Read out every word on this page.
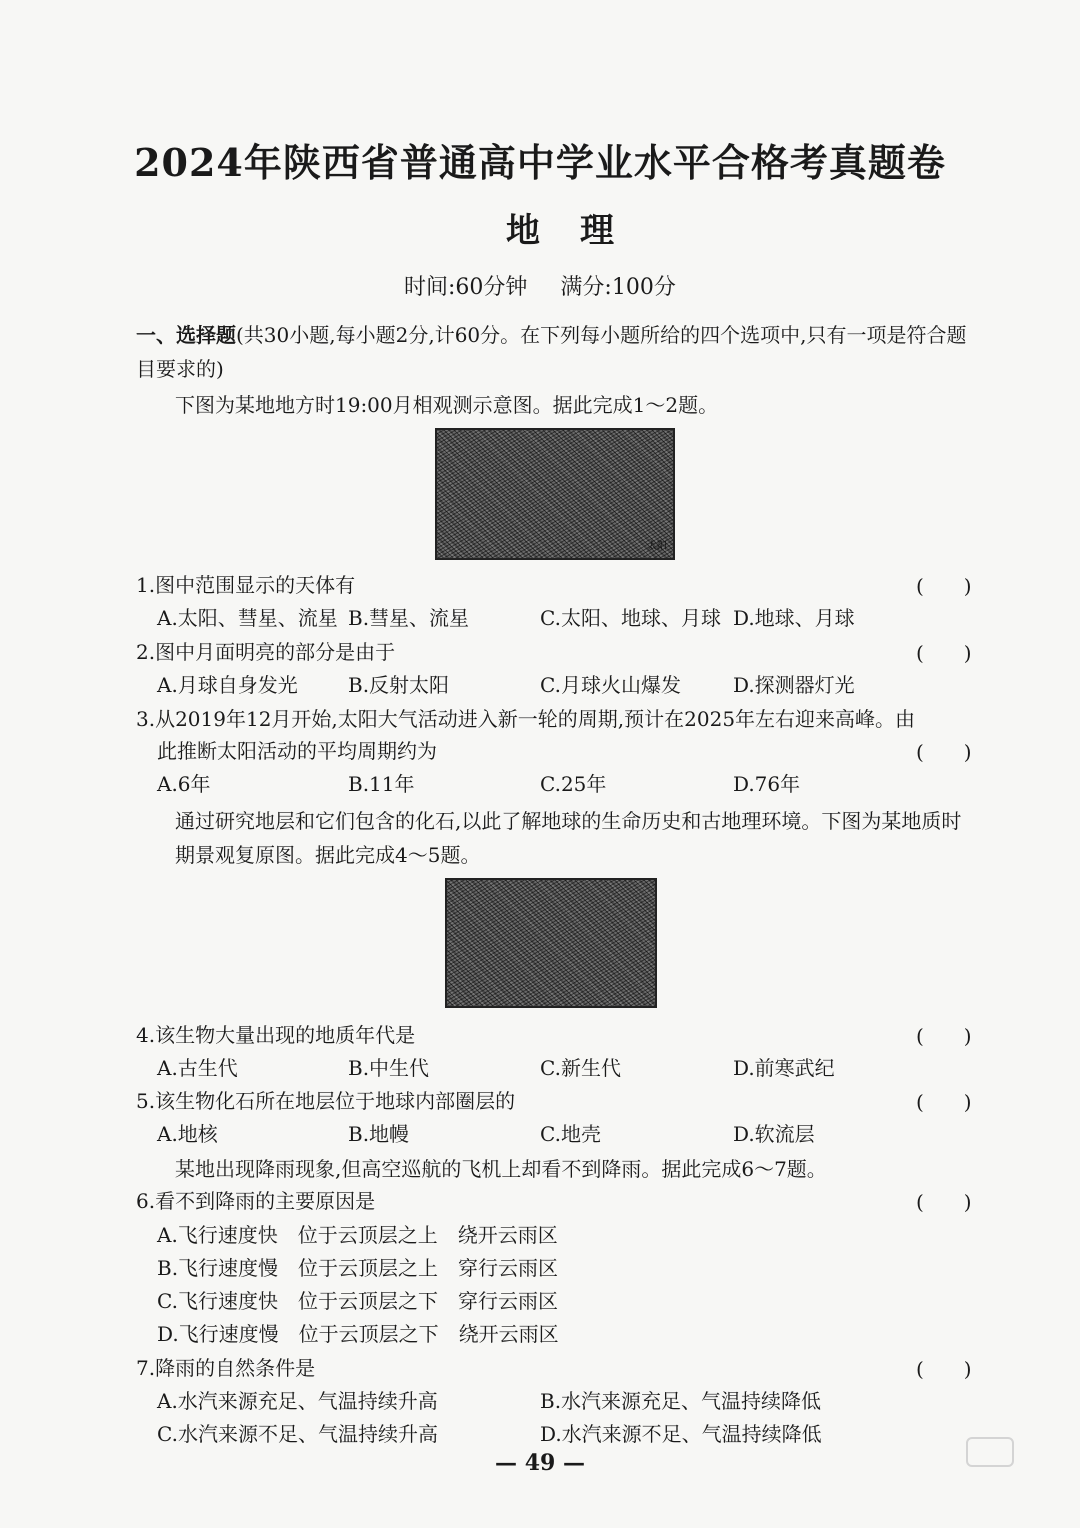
2024年陕西省普通高中学业水平合格考真题卷
地理
时间:60分钟 满分:100分
一、选择题(共30小题,每小题2分,计60分。在下列每小题所给的四个选项中,只有一项是符合题目要求的)
下图为某地地方时19:00月相观测示意图。据此完成1～2题。
太阳
1.图中范围显示的天体有	(　　)
A.太阳、彗星、流星 B.彗星、流星	C.太阳、地球、月球 D.地球、月球
2.图中月面明亮的部分是由于	(　　)
A.月球自身发光	B.反射太阳	C.月球火山爆发	D.探测器灯光
3.从2019年12月开始,太阳大气活动进入新一轮的周期,预计在2025年左右迎来高峰。由
此推断太阳活动的平均周期约为	(　　)
A.6年	B.11年	C.25年	D.76年
通过研究地层和它们包含的化石,以此了解地球的生命历史和古地理环境。下图为某地质时期景观复原图。据此完成4～5题。
4.该生物大量出现的地质年代是	(　　)
A.古生代	B.中生代	C.新生代	D.前寒武纪
5.该生物化石所在地层位于地球内部圈层的	(　　)
A.地核	B.地幔	C.地壳	D.软流层
某地出现降雨现象,但高空巡航的飞机上却看不到降雨。据此完成6～7题。
6.看不到降雨的主要原因是	(　　)
A.飞行速度快　位于云顶层之上　绕开云雨区
B.飞行速度慢　位于云顶层之上　穿行云雨区
C.飞行速度快　位于云顶层之下　穿行云雨区
D.飞行速度慢　位于云顶层之下　绕开云雨区
7.降雨的自然条件是	(　　)
A.水汽来源充足、气温持续升高	B.水汽来源充足、气温持续降低
C.水汽来源不足、气温持续升高	D.水汽来源不足、气温持续降低
— 49 —
